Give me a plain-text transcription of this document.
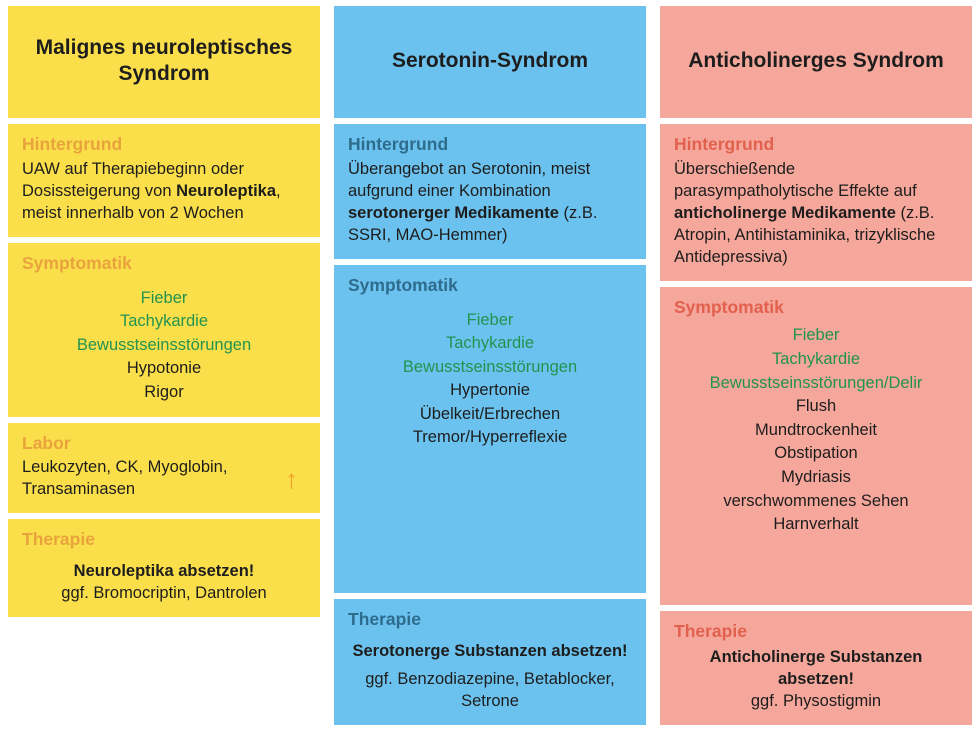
Malignes neuroleptisches Syndrom
Hintergrund
UAW auf Therapiebeginn oder Dosissteigerung von Neuroleptika, meist innerhalb von 2 Wochen
Symptomatik
Fieber
Tachykardie
Bewusstseinsstörungen
Hypotonie
Rigor
Labor
Leukozyten, CK, Myoglobin, Transaminasen	↑
Therapie
Neuroleptika absetzen!
ggf. Bromocriptin, Dantrolen
Serotonin-Syndrom
Hintergrund
Überangebot an Serotonin, meist aufgrund einer Kombination serotonerger Medikamente (z.B. SSRI, MAO-Hemmer)
Symptomatik
Fieber
Tachykardie
Bewusstseinsstörungen
Hypertonie
Übelkeit/Erbrechen
Tremor/Hyperreflexie
Therapie
Serotonerge Substanzen absetzen!
ggf. Benzodiazepine, Betablocker, Setrone
Anticholinerges Syndrom
Hintergrund
Überschießende parasympatholytische Effekte auf anticholinerge Medikamente (z.B. Atropin, Antihistaminika, trizyklische Antidepressiva)
Symptomatik
Fieber
Tachykardie
Bewusstseinsstörungen/Delir
Flush
Mundtrockenheit
Obstipation
Mydriasis
verschwommenes Sehen
Harnverhalt
Therapie
Anticholinerge Substanzen absetzen!
ggf. Physostigmin
